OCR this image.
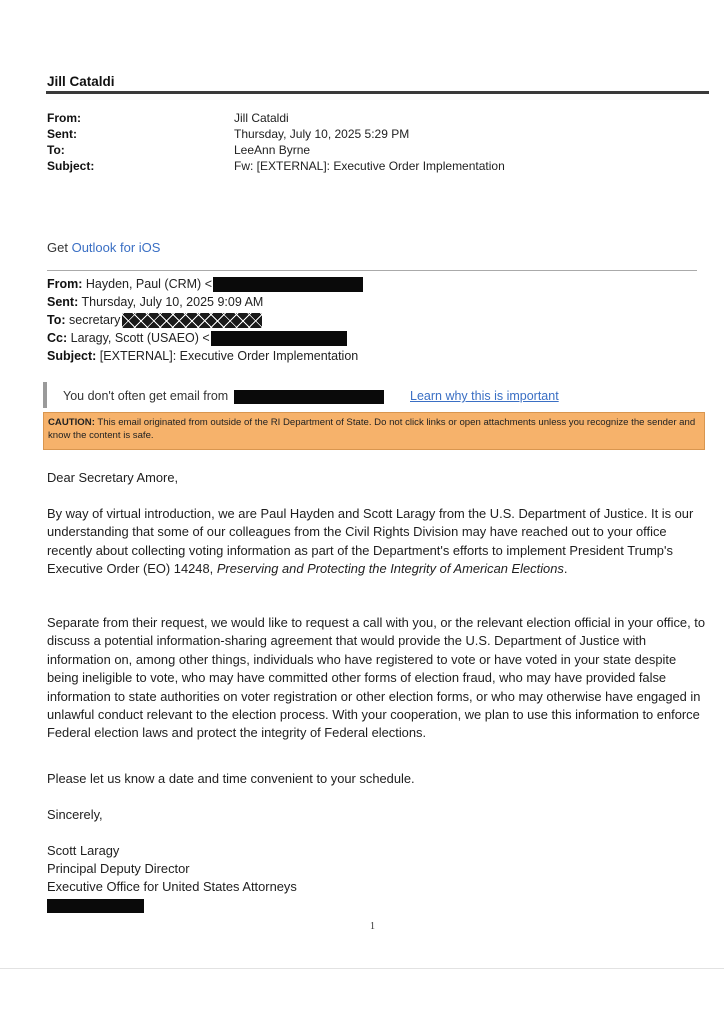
Jill Cataldi
From:	Jill Cataldi
Sent:	Thursday, July 10, 2025 5:29 PM
To:	LeeAnn Byrne
Subject:	Fw: [EXTERNAL]: Executive Order Implementation
Get Outlook for iOS
From: Hayden, Paul (CRM) <
Sent: Thursday, July 10, 2025 9:09 AM
To: secretary
Cc: Laragy, Scott (USAEO) <
Subject: [EXTERNAL]: Executive Order Implementation
You don't often get email from	Learn why this is important
CAUTION: This email originated from outside of the RI Department of State. Do not click links or open attachments unless you recognize the sender and know the content is safe.
Dear Secretary Amore,
By way of virtual introduction, we are Paul Hayden and Scott Laragy from the U.S. Department of Justice. It is our understanding that some of our colleagues from the Civil Rights Division may have reached out to your office recently about collecting voting information as part of the Department's efforts to implement President Trump's Executive Order (EO) 14248, Preserving and Protecting the Integrity of American Elections.
Separate from their request, we would like to request a call with you, or the relevant election official in your office, to discuss a potential information-sharing agreement that would provide the U.S. Department of Justice with information on, among other things, individuals who have registered to vote or have voted in your state despite being ineligible to vote, who may have committed other forms of election fraud, who may have provided false information to state authorities on voter registration or other election forms, or who may otherwise have engaged in unlawful conduct relevant to the election process. With your cooperation, we plan to use this information to enforce Federal election laws and protect the integrity of Federal elections.
Please let us know a date and time convenient to your schedule.
Sincerely,
Scott Laragy
Principal Deputy Director
Executive Office for United States Attorneys
1
